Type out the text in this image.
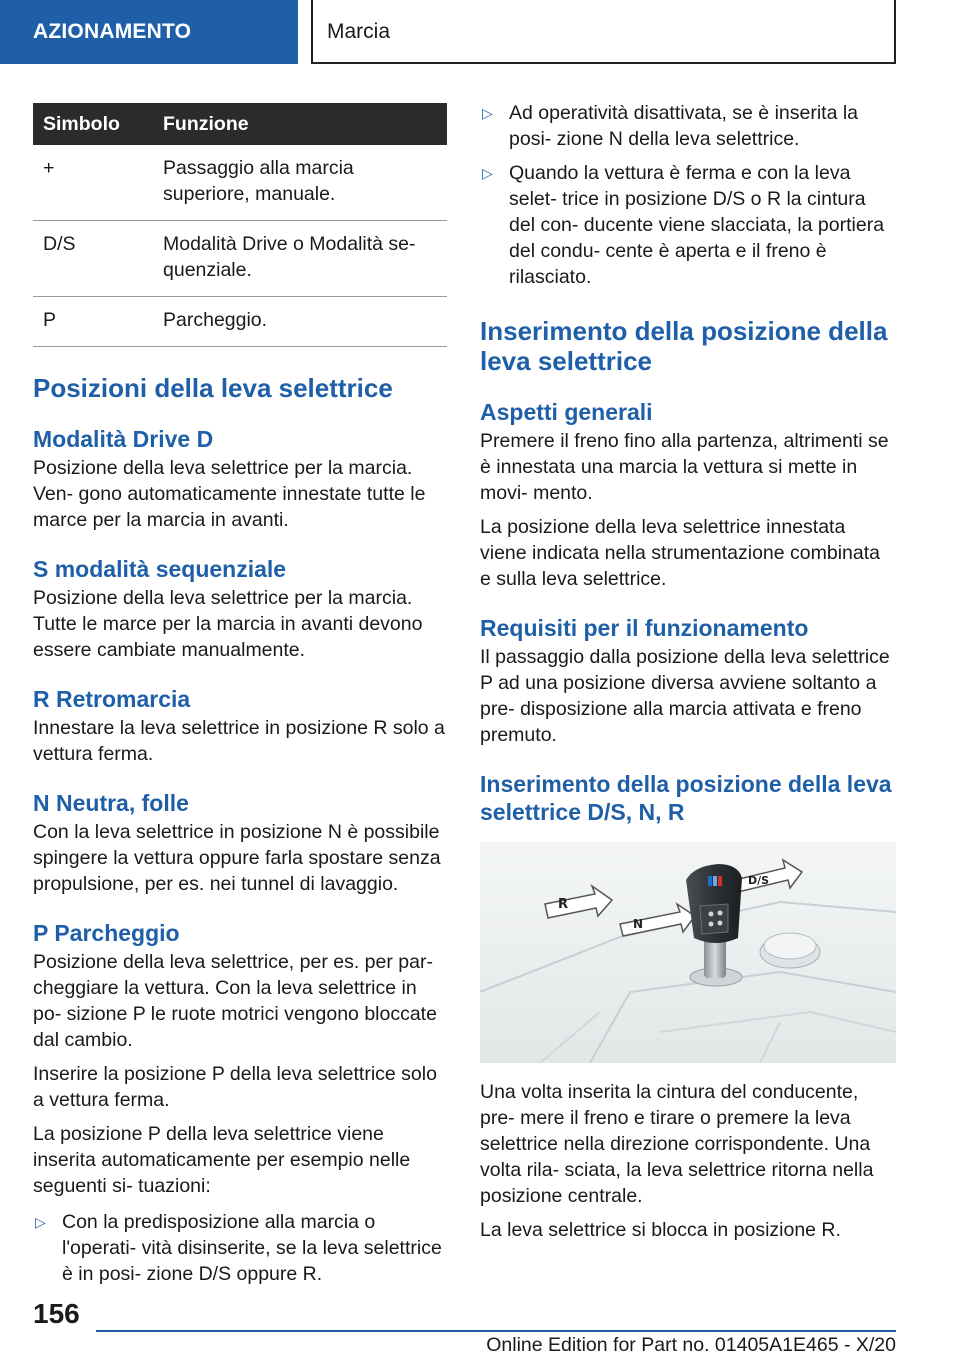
AZIONAMENTO	Marcia
Simbolo	Funzione
+	Passaggio alla marcia superiore, manuale.
D/S	Modalità Drive o Modalità se- quenziale.
P	Parcheggio.
Posizioni della leva selettrice
Modalità Drive D

Posizione della leva selettrice per la marcia. Ven- gono automaticamente innestate tutte le marce per la marcia in avanti.

S modalità sequenziale

Posizione della leva selettrice per la marcia. Tutte le marce per la marcia in avanti devono essere cambiate manualmente.

R Retromarcia

Innestare la leva selettrice in posizione R solo a vettura ferma.

N Neutra, folle

Con la leva selettrice in posizione N è possibile spingere la vettura oppure farla spostare senza propulsione, per es. nei tunnel di lavaggio.

P Parcheggio

Posizione della leva selettrice, per es. per par- cheggiare la vettura. Con la leva selettrice in po- sizione P le ruote motrici vengono bloccate dal cambio.

Inserire la posizione P della leva selettrice solo a vettura ferma.

La posizione P della leva selettrice viene inserita automaticamente per esempio nelle seguenti si- tuazioni:

▷ Con la predisposizione alla marcia o l'operati- vità disinserite, se la leva selettrice è in posi- zione D/S oppure R.
▷ Ad operatività disattivata, se è inserita la posi- zione N della leva selettrice.
▷ Quando la vettura è ferma e con la leva selet- trice in posizione D/S o R la cintura del con- ducente viene slacciata, la portiera del condu- cente è aperta e il freno è rilasciato.
Inserimento della posizione della leva selettrice
Aspetti generali

Premere il freno fino alla partenza, altrimenti se è innestata una marcia la vettura si mette in movi- mento.

La posizione della leva selettrice innestata viene indicata nella strumentazione combinata e sulla leva selettrice.

Requisiti per il funzionamento

Il passaggio dalla posizione della leva selettrice P ad una posizione diversa avviene soltanto a pre- disposizione alla marcia attivata e freno premuto.

Inserimento della posizione della leva selettrice D/S, N, R
R
N
D/S

Una volta inserita la cintura del conducente, pre- mere il freno e tirare o premere la leva selettrice nella direzione corrispondente. Una volta rila- sciata, la leva selettrice ritorna nella posizione centrale.

La leva selettrice si blocca in posizione R.

156
Online Edition for Part no. 01405A1E465 - X/20
